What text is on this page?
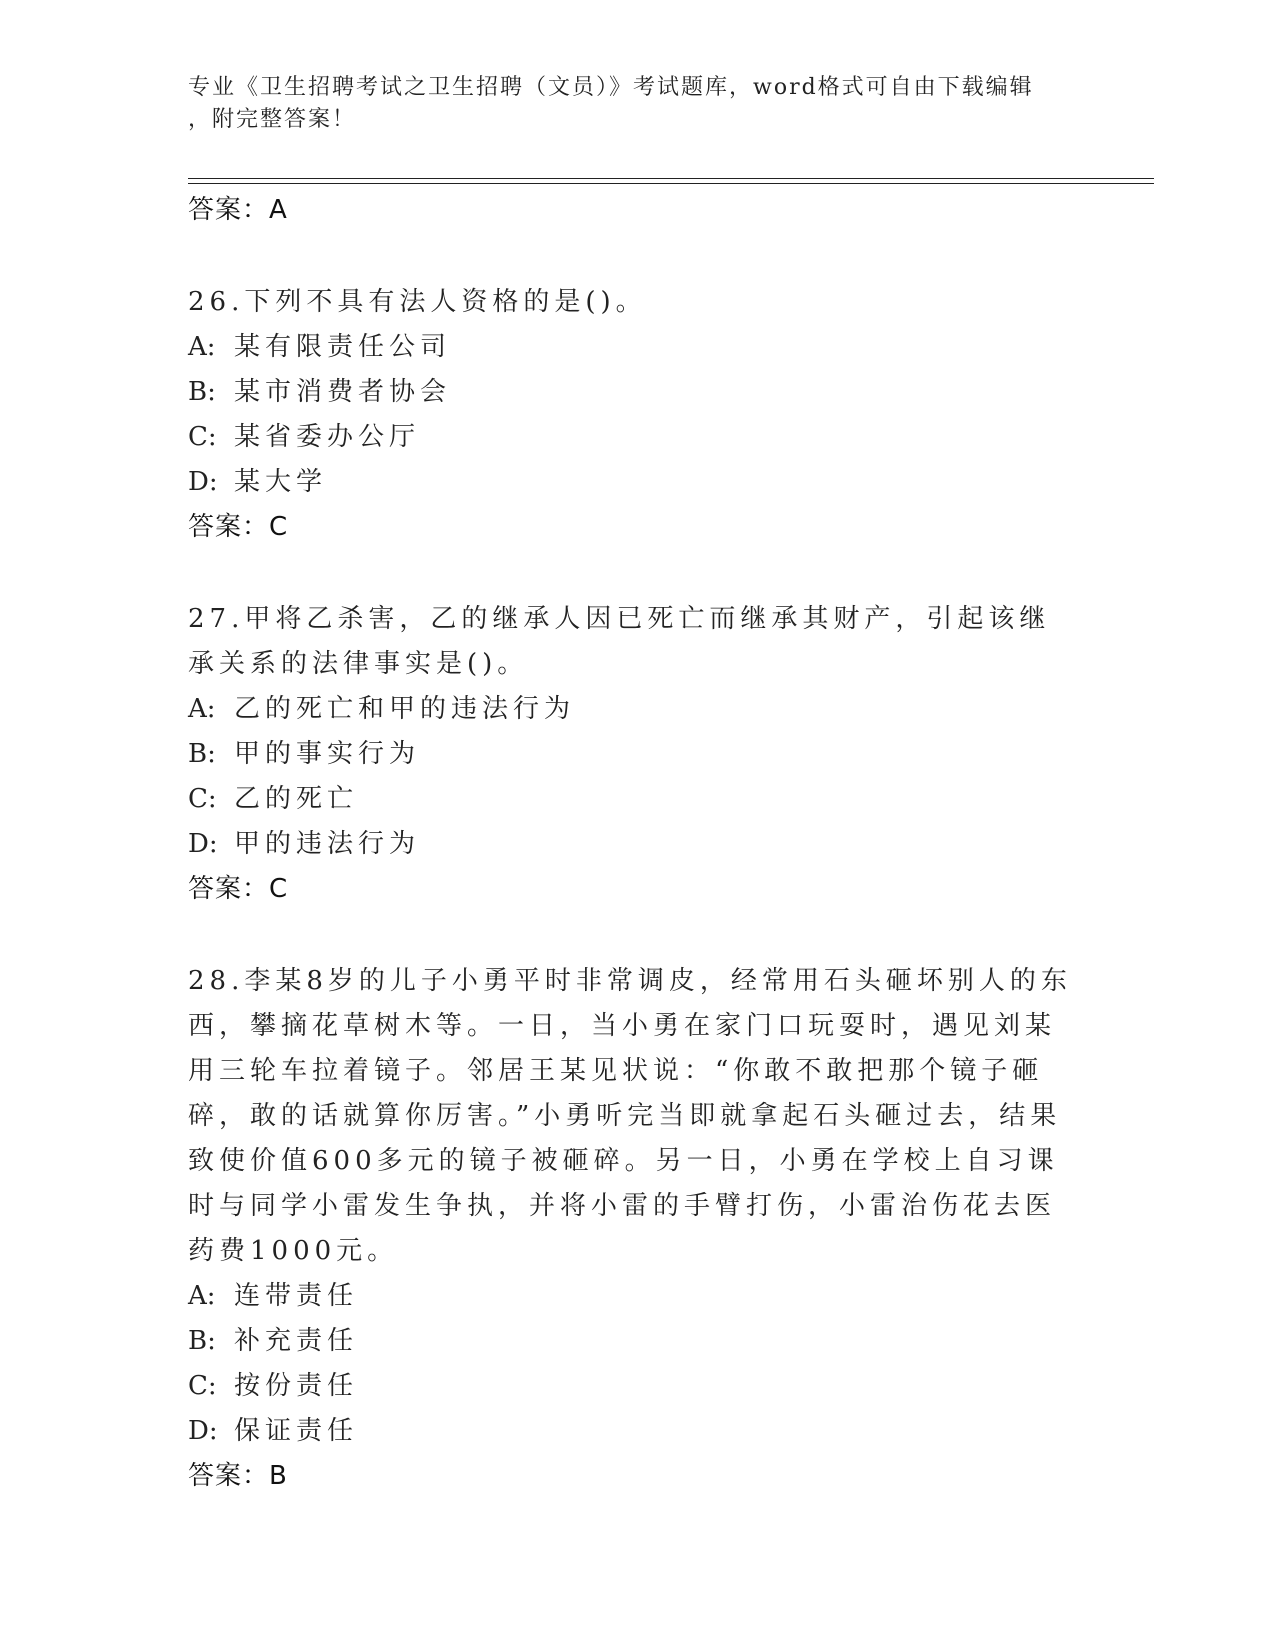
专业《卫生招聘考试之卫生招聘（文员）》考试题库，word格式可自由下载编辑
，附完整答案！
答案：A
26.下列不具有法人资格的是()。
A: 某有限责任公司
B: 某市消费者协会
C: 某省委办公厅
D: 某大学
答案：C
27.甲将乙杀害，乙的继承人因已死亡而继承其财产，引起该继承关系的法律事实是()。
A: 乙的死亡和甲的违法行为
B: 甲的事实行为
C: 乙的死亡
D: 甲的违法行为
答案：C
28.李某8岁的儿子小勇平时非常调皮，经常用石头砸坏别人的东西，攀摘花草树木等。一日，当小勇在家门口玩耍时，遇见刘某用三轮车拉着镜子。邻居王某见状说：“你敢不敢把那个镜子砸碎，敢的话就算你厉害。”小勇听完当即就拿起石头砸过去，结果致使价值600多元的镜子被砸碎。另一日，小勇在学校上自习课时与同学小雷发生争执，并将小雷的手臂打伤，小雷治伤花去医药费1000元。
A: 连带责任
B: 补充责任
C: 按份责任
D: 保证责任
答案：B
